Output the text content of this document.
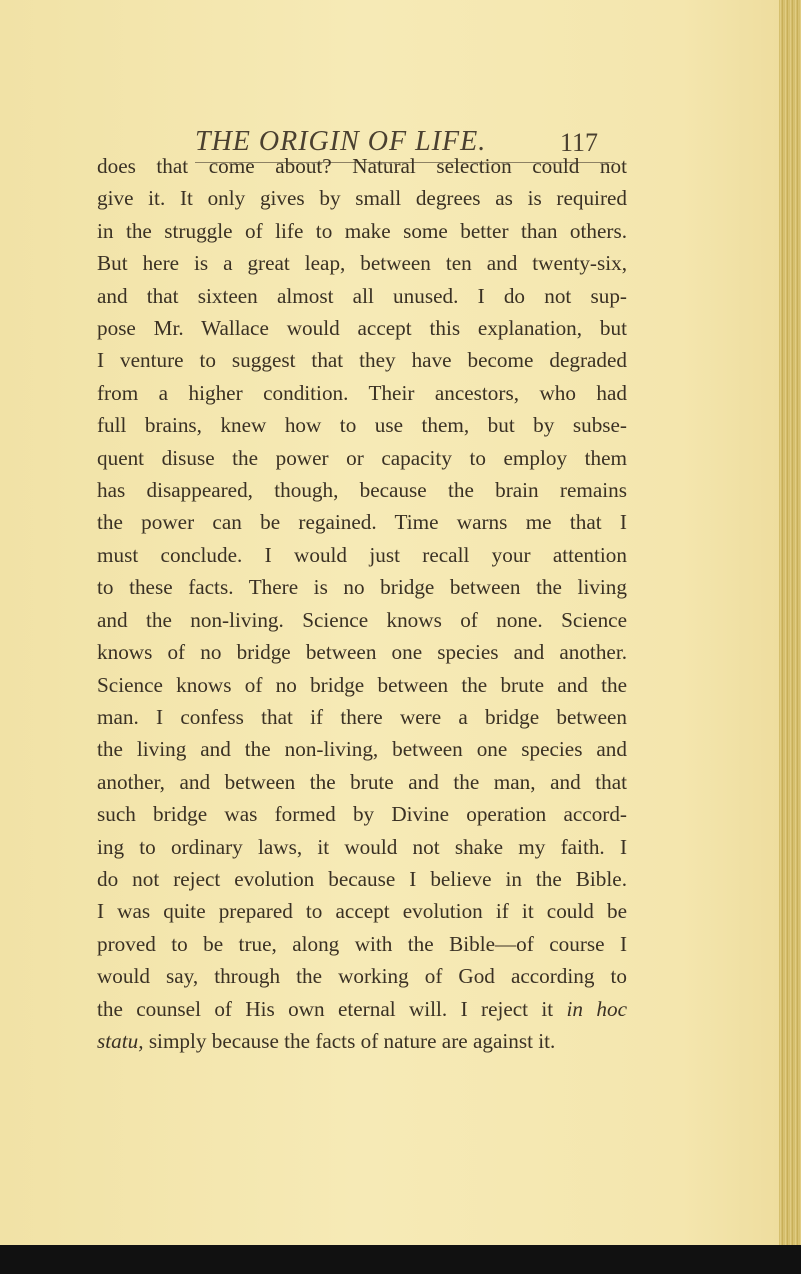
THE ORIGIN OF LIFE.	117
does that come about? Natural selection could not
give it. It only gives by small degrees as is required
in the struggle of life to make some better than others.
But here is a great leap, between ten and twenty-six,
and that sixteen almost all unused. I do not sup-
pose Mr. Wallace would accept this explanation, but
I venture to suggest that they have become degraded
from a higher condition. Their ancestors, who had
full brains, knew how to use them, but by subse-
quent disuse the power or capacity to employ them
has disappeared, though, because the brain remains
the power can be regained. Time warns me that I
must conclude. I would just recall your attention
to these facts. There is no bridge between the living
and the non-living. Science knows of none. Science
knows of no bridge between one species and another.
Science knows of no bridge between the brute and the
man. I confess that if there were a bridge between
the living and the non-living, between one species and
another, and between the brute and the man, and that
such bridge was formed by Divine operation accord-
ing to ordinary laws, it would not shake my faith. I
do not reject evolution because I believe in the Bible.
I was quite prepared to accept evolution if it could be
proved to be true, along with the Bible—of course I
would say, through the working of God according to
the counsel of His own eternal will. I reject it in hoc
statu, simply because the facts of nature are against it.
